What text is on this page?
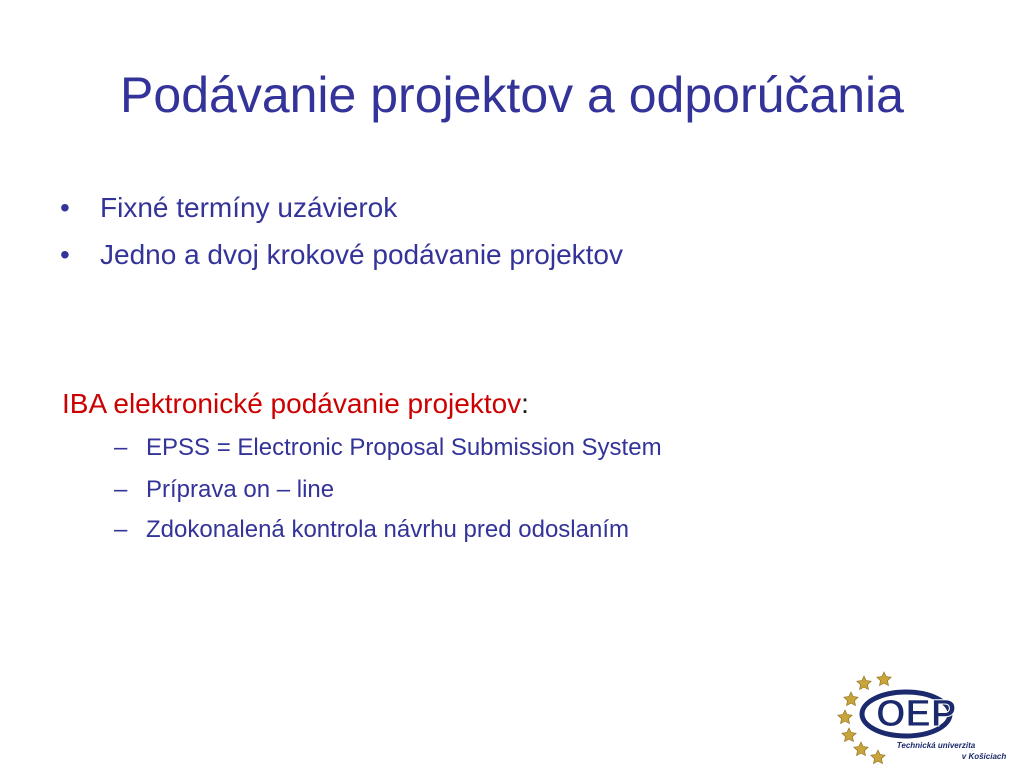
Podávanie projektov a odporúčania
• Fixné termíny uzávierok
• Jedno a dvoj krokové podávanie projektov
IBA elektronické podávanie projektov:
– EPSS = Electronic Proposal Submission System
– Príprava on – line
– Zdokonalená kontrola návrhu pred odoslaním
OEP
Technická univerzita
v Košiciach
